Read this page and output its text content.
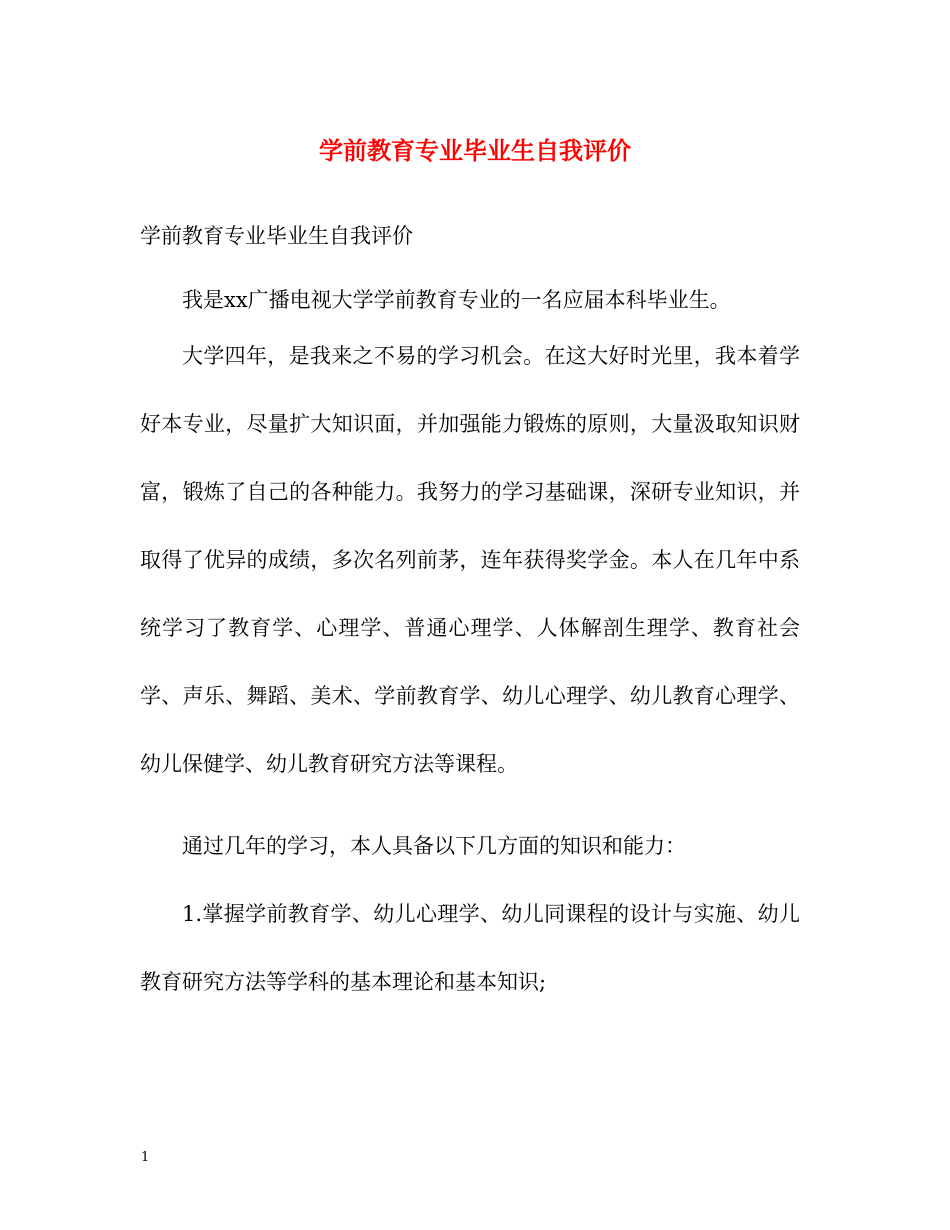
学前教育专业毕业生自我评价
学前教育专业毕业生自我评价

我是xx广播电视大学学前教育专业的一名应届本科毕业生。

大学四年，是我来之不易的学习机会。在这大好时光里，我本着学好本专业，尽量扩大知识面，并加强能力锻炼的原则，大量汲取知识财富，锻炼了自己的各种能力。我努力的学习基础课，深研专业知识，并取得了优异的成绩，多次名列前茅，连年获得奖学金。本人在几年中系统学习了教育学、心理学、普通心理学、人体解剖生理学、教育社会学、声乐、舞蹈、美术、学前教育学、幼儿心理学、幼儿教育心理学、幼儿保健学、幼儿教育研究方法等课程。

通过几年的学习，本人具备以下几方面的知识和能力：

1.掌握学前教育学、幼儿心理学、幼儿同课程的设计与实施、幼儿教育研究方法等学科的基本理论和基本知识;

1
